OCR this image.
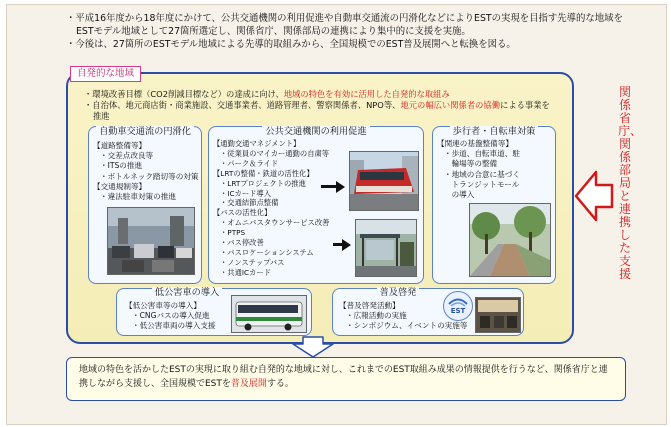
・平成16年度から18年度にかけて、公共交通機関の利用促進や自動車交通流の円滑化などによりESTの実現を目指す先導的な地域をESTモデル地域として27箇所選定し、関係省庁、関係部局の連携により集中的に支援を実施。

・今後は、27箇所のESTモデル地域による先導的取組みから、全国規模でのEST普及展開へと転換を図る。

自発的な地域

・環境改善目標（CO2削減目標など）の達成に向け、地域の特色を有効に活用した自発的な取組み

・自治体、地元商店街・商業施設、交通事業者、道路管理者、警察関係者、NPO等、地元の幅広い関係者の協働による事業を推進

自動車交通流の円滑化
【道路整備等】
・交差点改良等
・ITSの推進
・ボトルネック踏切等の対策
【交通規制等】
・違法駐車対策の推進
公共交通機関の利用促進
【通勤交通マネジメント】
・従業員のマイカー通勤の自粛等
・パーク＆ライド
【LRTの整備・鉄道の活性化】
・LRTプロジェクトの推進
・ICカード導入
・交通結節点整備
【バスの活性化】
・オムニバスタウンサービス改善
・PTPS
・バス停改善
・バスロケーションシステム
・ノンステップバス
・共通ICカード
歩行者・自転車対策
【関連の基盤整備等】
・歩道、自転車道、駐
　輪場等の整備
・地域の合意に基づく
　トランジットモール
　の導入
低公害車の導入
【低公害車等の導入】
・CNGバスの導入促進
・低公害車両の導入支援
普及啓発
【普及啓発活動】
・広報活動の実施
・シンポジウム、イベントの実施等
EST
関係省庁、関係部局と連携した支援
地域の特色を活かしたESTの実現に取り組む自発的な地域に対し、これまでのEST取組み成果の情報提供を行うなど、関係省庁と連携しながら支援し、全国規模でESTを普及展開する。
